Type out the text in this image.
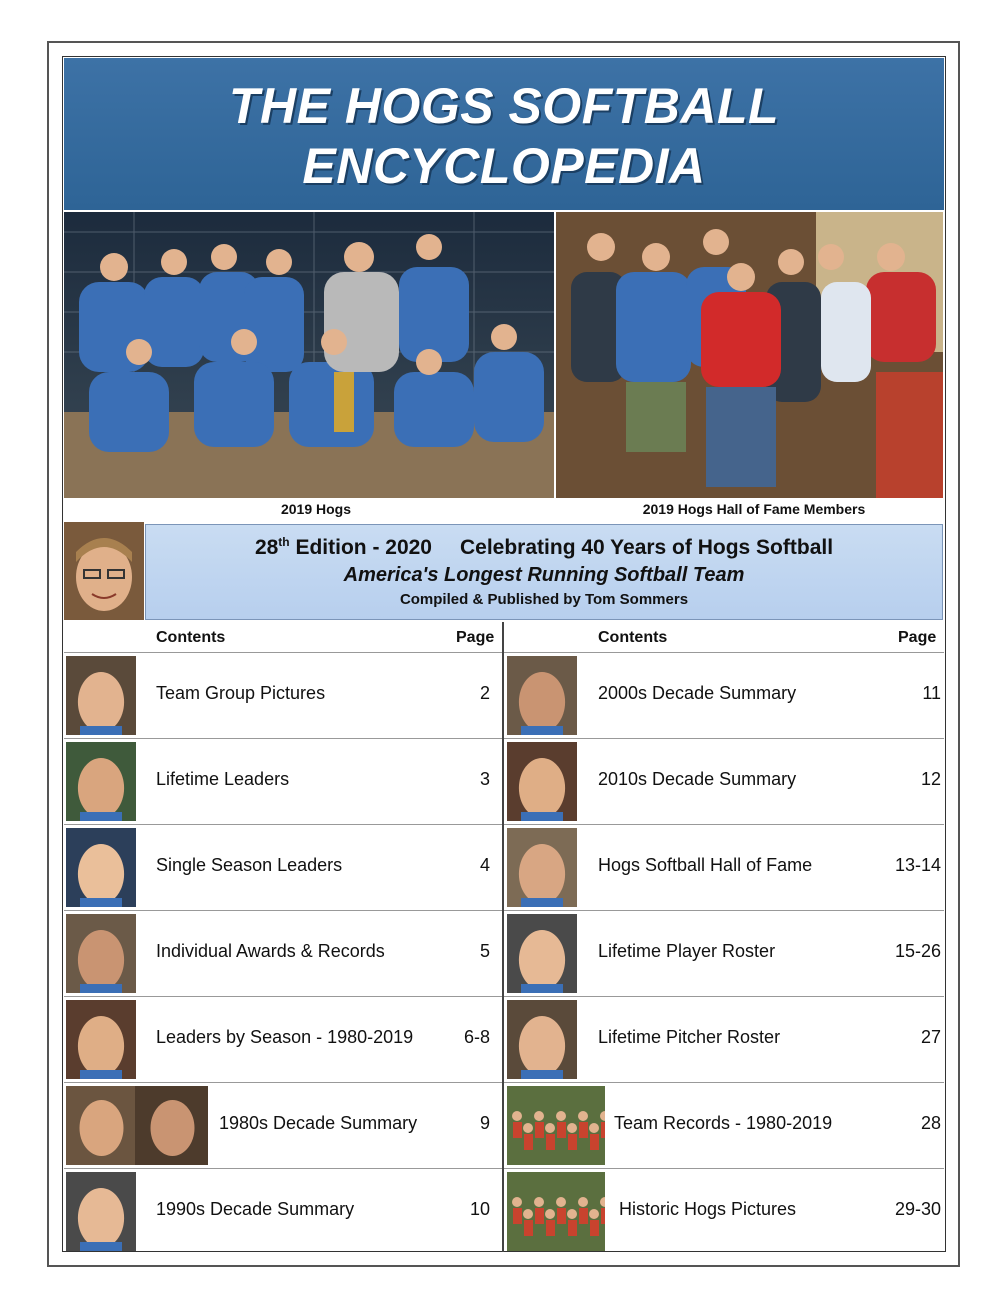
THE HOGS SOFTBALL
ENCYCLOPEDIA
2019 Hogs	2019 Hogs Hall of Fame Members
28th Edition - 2020 Celebrating 40 Years of Hogs Softball
America's Longest Running Softball Team
Compiled & Published by Tom Sommers
Contents	Page	Contents	Page
Team Group Pictures	2
Lifetime Leaders	3
Single Season Leaders	4
Individual Awards & Records	5
Leaders by Season - 1980-2019	6-8
1980s Decade Summary	9
1990s Decade Summary	10
2000s Decade Summary	11
2010s Decade Summary	12
Hogs Softball Hall of Fame	13-14
Lifetime Player Roster	15-26
Lifetime Pitcher Roster	27
Team Records - 1980-2019	28
Historic Hogs Pictures	29-30
